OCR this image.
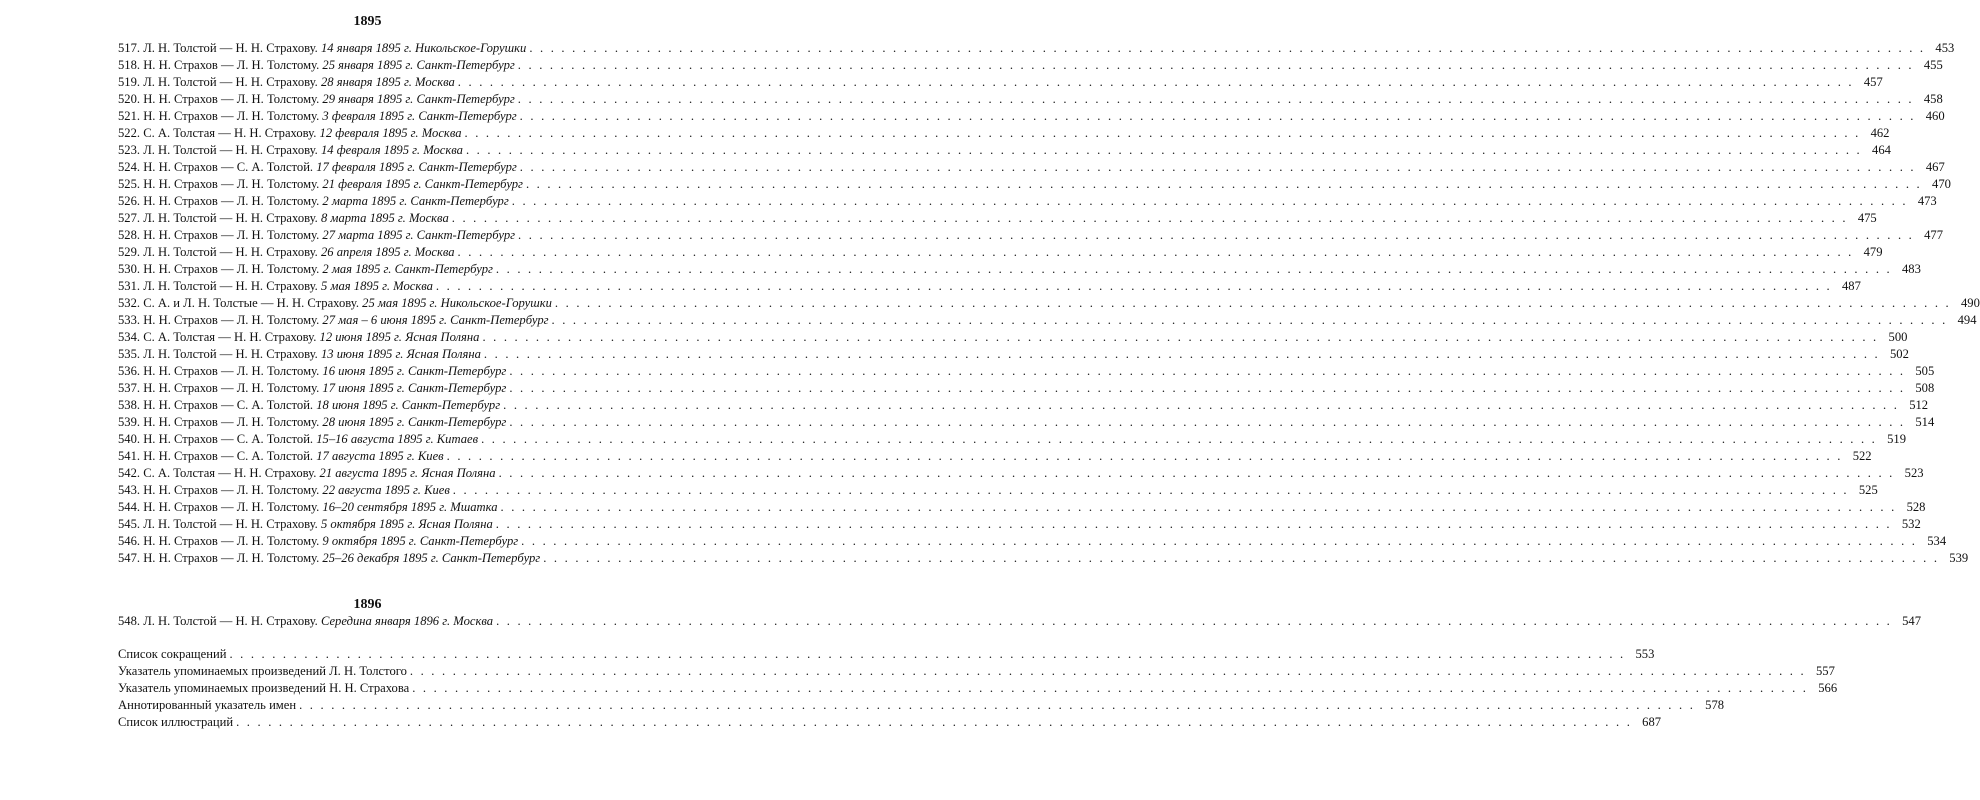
1895
517. Л. Н. Толстой — Н. Н. Страхову. 14 января 1895 г. Никольское-Горушки . . .	453
518. Н. Н. Страхов — Л. Н. Толстому. 25 января 1895 г. Санкт-Петербург . . .	455
519. Л. Н. Толстой — Н. Н. Страхову. 28 января 1895 г. Москва . . .	457
520. Н. Н. Страхов — Л. Н. Толстому. 29 января 1895 г. Санкт-Петербург . . .	458
521. Н. Н. Страхов — Л. Н. Толстому. 3 февраля 1895 г. Санкт-Петербург . . .	460
522. С. А. Толстая — Н. Н. Страхову. 12 февраля 1895 г. Москва . . .	462
523. Л. Н. Толстой — Н. Н. Страхову. 14 февраля 1895 г. Москва . . .	464
524. Н. Н. Страхов — С. А. Толстой. 17 февраля 1895 г. Санкт-Петербург . . .	467
525. Н. Н. Страхов — Л. Н. Толстому. 21 февраля 1895 г. Санкт-Петербург . . .	470
526. Н. Н. Страхов — Л. Н. Толстому. 2 марта 1895 г. Санкт-Петербург . . .	473
527. Л. Н. Толстой — Н. Н. Страхову. 8 марта 1895 г. Москва . . .	475
528. Н. Н. Страхов — Л. Н. Толстому. 27 марта 1895 г. Санкт-Петербург . . .	477
529. Л. Н. Толстой — Н. Н. Страхову. 26 апреля 1895 г. Москва . . .	479
530. Н. Н. Страхов — Л. Н. Толстому. 2 мая 1895 г. Санкт-Петербург . . .	483
531. Л. Н. Толстой — Н. Н. Страхову. 5 мая 1895 г. Москва . . .	487
532. С. А. и Л. Н. Толстые — Н. Н. Страхову. 25 мая 1895 г. Никольское-Горушки . . .	490
533. Н. Н. Страхов — Л. Н. Толстому. 27 мая – 6 июня 1895 г. Санкт-Петербург . . .	494
534. С. А. Толстая — Н. Н. Страхову. 12 июня 1895 г. Ясная Поляна . . .	500
535. Л. Н. Толстой — Н. Н. Страхову. 13 июня 1895 г. Ясная Поляна . . .	502
536. Н. Н. Страхов — Л. Н. Толстому. 16 июня 1895 г. Санкт-Петербург . . .	505
537. Н. Н. Страхов — Л. Н. Толстому. 17 июня 1895 г. Санкт-Петербург . . .	508
538. Н. Н. Страхов — С. А. Толстой. 18 июня 1895 г. Санкт-Петербург . . .	512
539. Н. Н. Страхов — Л. Н. Толстому. 28 июня 1895 г. Санкт-Петербург . . .	514
540. Н. Н. Страхов — С. А. Толстой. 15–16 августа 1895 г. Китаев . . .	519
541. Н. Н. Страхов — С. А. Толстой. 17 августа 1895 г. Киев . . .	522
542. С. А. Толстая — Н. Н. Страхову. 21 августа 1895 г. Ясная Поляна . . .	523
543. Н. Н. Страхов — Л. Н. Толстому. 22 августа 1895 г. Киев . . .	525
544. Н. Н. Страхов — Л. Н. Толстому. 16–20 сентября 1895 г. Мшатка . . .	528
545. Л. Н. Толстой — Н. Н. Страхову. 5 октября 1895 г. Ясная Поляна . . .	532
546. Н. Н. Страхов — Л. Н. Толстому. 9 октября 1895 г. Санкт-Петербург . . .	534
547. Н. Н. Страхов — Л. Н. Толстому. 25–26 декабря 1895 г. Санкт-Петербург . . .	539
1896
548. Л. Н. Толстой — Н. Н. Страхову. Середина января 1896 г. Москва . . .	547
Список сокращений . . .	553
Указатель упоминаемых произведений Л. Н. Толстого . . .	557
Указатель упоминаемых произведений Н. Н. Страхова . . .	566
Аннотированный указатель имен . . .	578
Список иллюстраций . . .	687
